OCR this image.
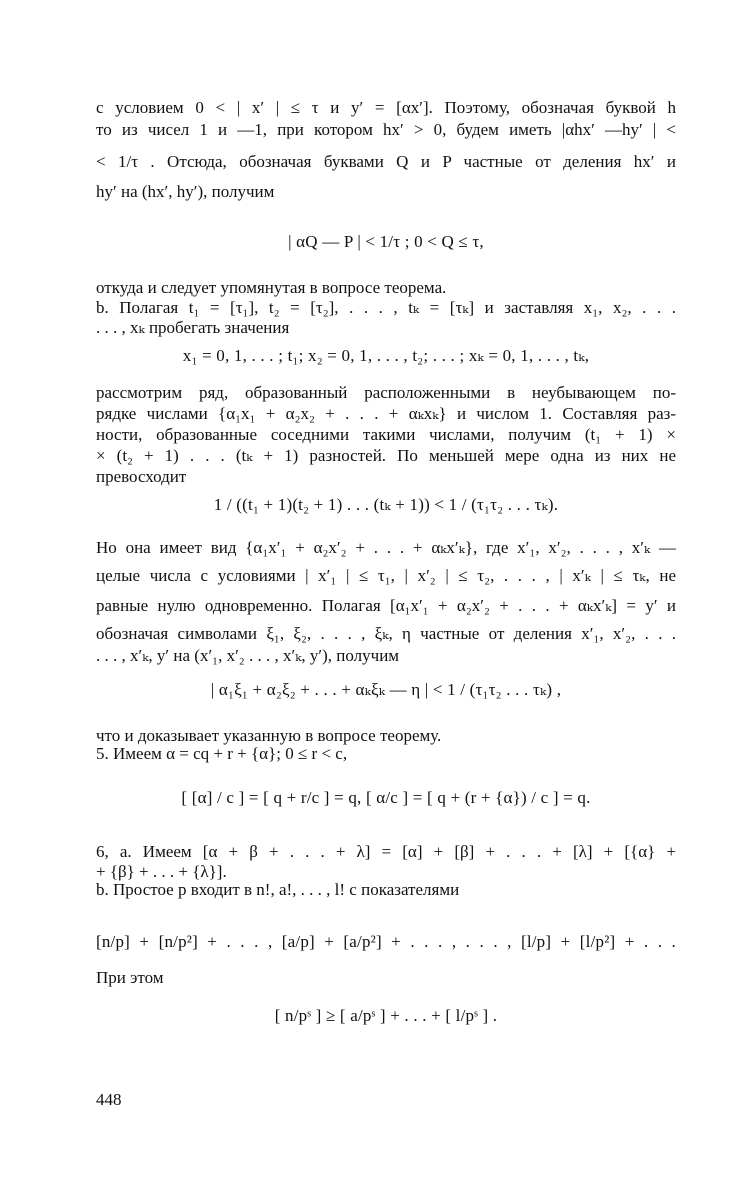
с условием 0 < | x′ | ≤ τ и y′ = [αx′]. Поэтому, обозначая буквой h
то из чисел 1 и —1, при котором hx′ > 0, будем иметь |αhx′ —hy′ | <
< 1/τ . Отсюда, обозначая буквами Q и P частные от деления hx′ и
hy′ на (hx′, hy′), получим
| αQ — P | < 1/τ ; 0 < Q ≤ τ,
откуда и следует упомянутая в вопросе теорема.
b. Полагая t₁ = [τ₁], t₂ = [τ₂], . . . , tₖ = [τₖ] и заставляя x₁, x₂, . . .
. . . , xₖ пробегать значения
x₁ = 0, 1, . . . ; t₁; x₂ = 0, 1, . . . , t₂; . . . ; xₖ = 0, 1, . . . , tₖ,
рассмотрим ряд, образованный расположенными в неубывающем по-
рядке числами {α₁x₁ + α₂x₂ + . . . + αₖxₖ} и числом 1. Составляя раз-
ности, образованные соседними такими числами, получим (t₁ + 1) ×
× (t₂ + 1) . . . (tₖ + 1) разностей. По меньшей мере одна из них не
превосходит
1 / ((t₁ + 1)(t₂ + 1) . . . (tₖ + 1)) < 1 / (τ₁τ₂ . . . τₖ).
Но она имеет вид {α₁x′₁ + α₂x′₂ + . . . + αₖx′ₖ}, где x′₁, x′₂, . . . , x′ₖ —
целые числа с условиями | x′₁ | ≤ τ₁, | x′₂ | ≤ τ₂, . . . , | x′ₖ | ≤ τₖ, не
равные нулю одновременно. Полагая [α₁x′₁ + α₂x′₂ + . . . + αₖx′ₖ] = y′ и
обозначая символами ξ₁, ξ₂, . . . , ξₖ, η частные от деления x′₁, x′₂, . . .
. . . , x′ₖ, y′ на (x′₁, x′₂ . . . , x′ₖ, y′), получим
| α₁ξ₁ + α₂ξ₂ + . . . + αₖξₖ — η | < 1 / (τ₁τ₂ . . . τₖ) ,
что и доказывает указанную в вопросе теорему.
5. Имеем α = cq + r + {α}; 0 ≤ r < c,
[ [α] / c ] = [ q + r/c ] = q, [ α/c ] = [ q + (r + {α}) / c ] = q.
6, a. Имеем [α + β + . . . + λ] = [α] + [β] + . . . + [λ] + [{α} +
+ {β} + . . . + {λ}].
b. Простое p входит в n!, a!, . . . , l! с показателями
[n/p] + [n/p²] + . . . , [a/p] + [a/p²] + . . . , . . . , [l/p] + [l/p²] + . . .
При этом
[ n/pˢ ] ≥ [ a/pˢ ] + . . . + [ l/pˢ ] .
448
